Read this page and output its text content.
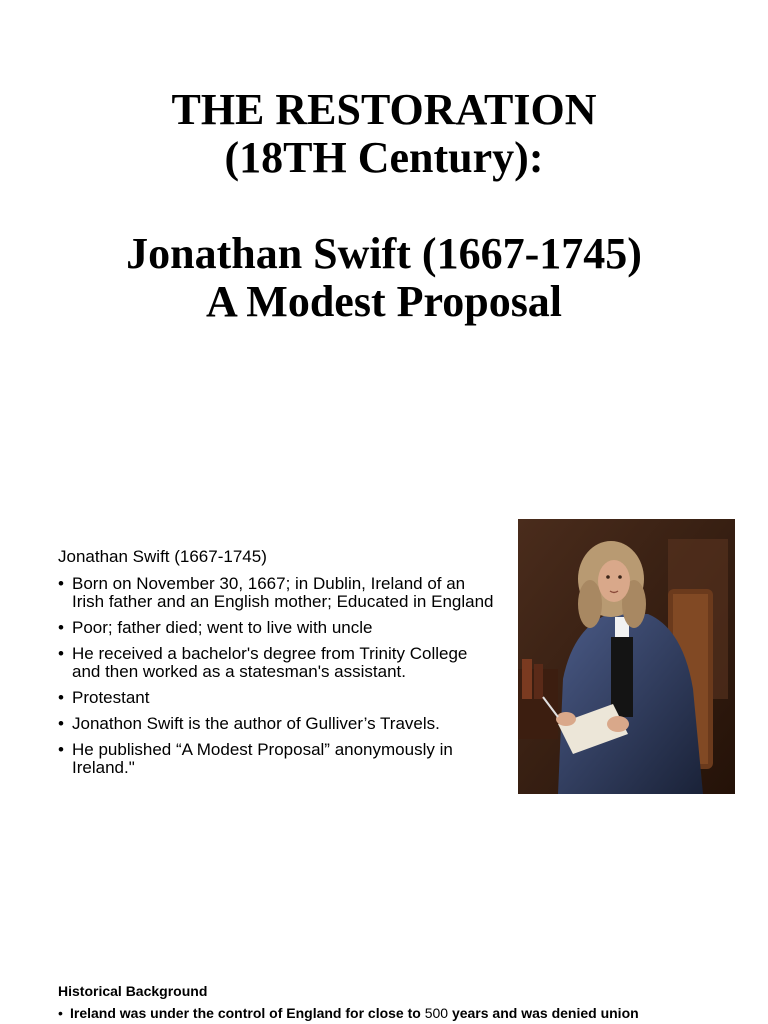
THE RESTORATION
(18TH Century):
Jonathan Swift (1667-1745)
A Modest Proposal
Jonathan Swift (1667-1745)
• Born on November 30, 1667; in Dublin, Ireland of an Irish father and an English mother; Educated in England
• Poor; father died; went to live with uncle
• He received a bachelor's degree from Trinity College and then worked as a statesman's assistant.
• Protestant
• Jonathon Swift is the author of Gulliver’s Travels.
• He published “A Modest Proposal” anonymously in Ireland."
Historical Background
• Ireland was under the control of England for close to 500 years and was denied union
